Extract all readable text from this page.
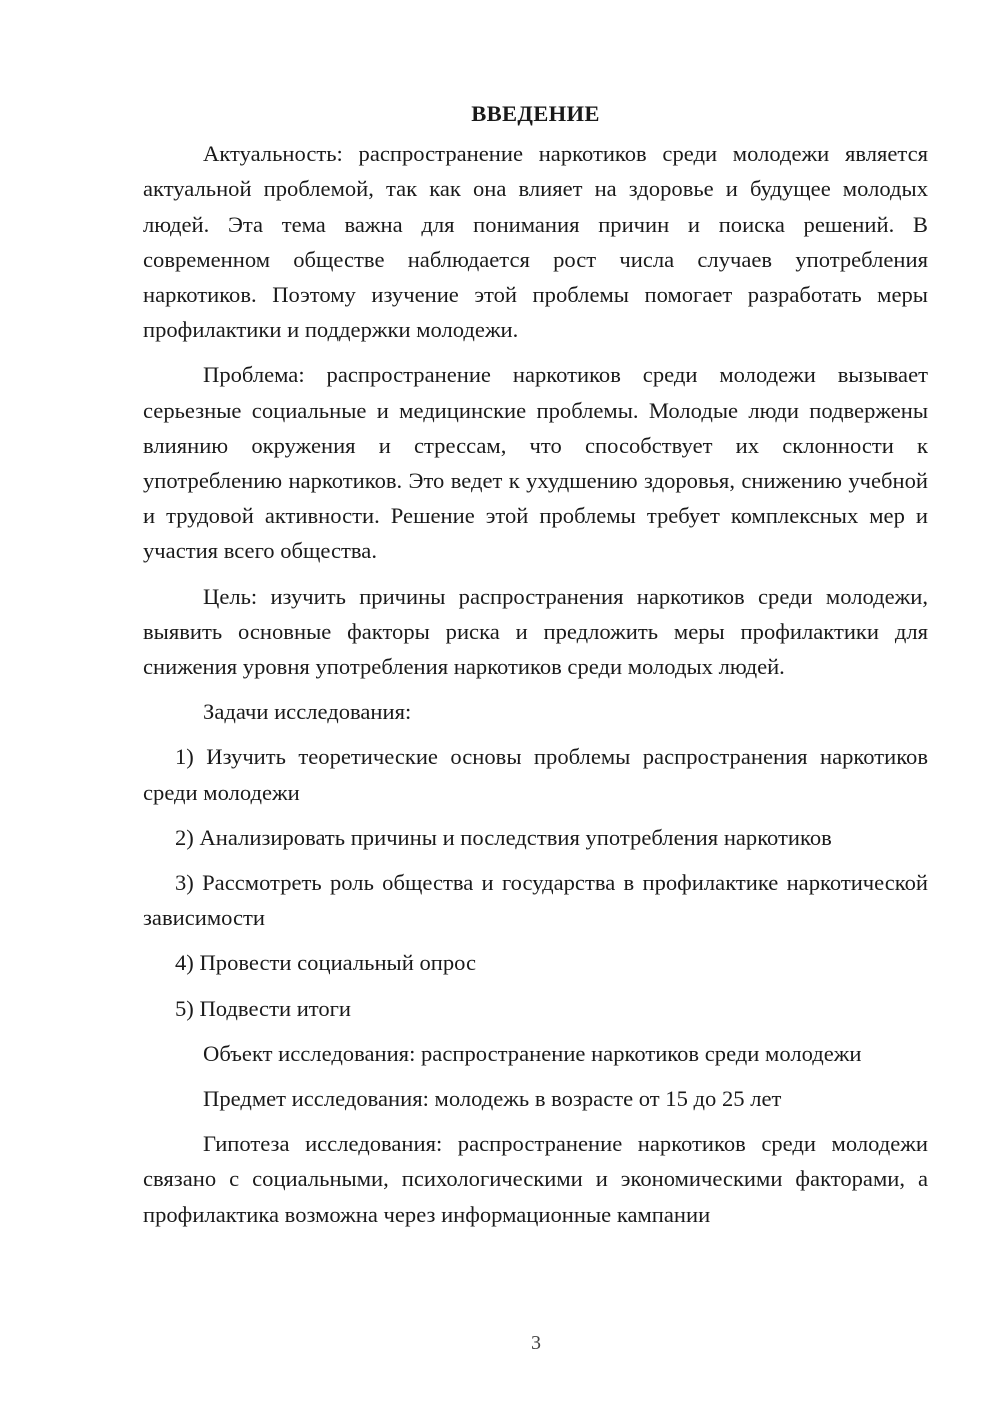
ВВЕДЕНИЕ

Актуальность: распространение наркотиков среди молодежи является актуальной проблемой, так как она влияет на здоровье и будущее молодых людей. Эта тема важна для понимания причин и поиска решений. В современном обществе наблюдается рост числа случаев употребления наркотиков. Поэтому изучение этой проблемы помогает разработать меры профилактики и поддержки молодежи.

Проблема: распространение наркотиков среди молодежи вызывает серьезные социальные и медицинские проблемы. Молодые люди подвержены влиянию окружения и стрессам, что способствует их склонности к употреблению наркотиков. Это ведет к ухудшению здоровья, снижению учебной и трудовой активности. Решение этой проблемы требует комплексных мер и участия всего общества.

Цель: изучить причины распространения наркотиков среди молодежи, выявить основные факторы риска и предложить меры профилактики для снижения уровня употребления наркотиков среди молодых людей.

Задачи исследования:

1) Изучить теоретические основы проблемы распространения наркотиков среди молодежи

2) Анализировать причины и последствия употребления наркотиков

3) Рассмотреть роль общества и государства в профилактике наркотической зависимости

4) Провести социальный опрос

5) Подвести итоги

Объект исследования: распространение наркотиков среди молодежи

Предмет исследования: молодежь в возрасте от 15 до 25 лет

Гипотеза исследования: распространение наркотиков среди молодежи связано с социальными, психологическими и экономическими факторами, а профилактика возможна через информационные кампании

3
